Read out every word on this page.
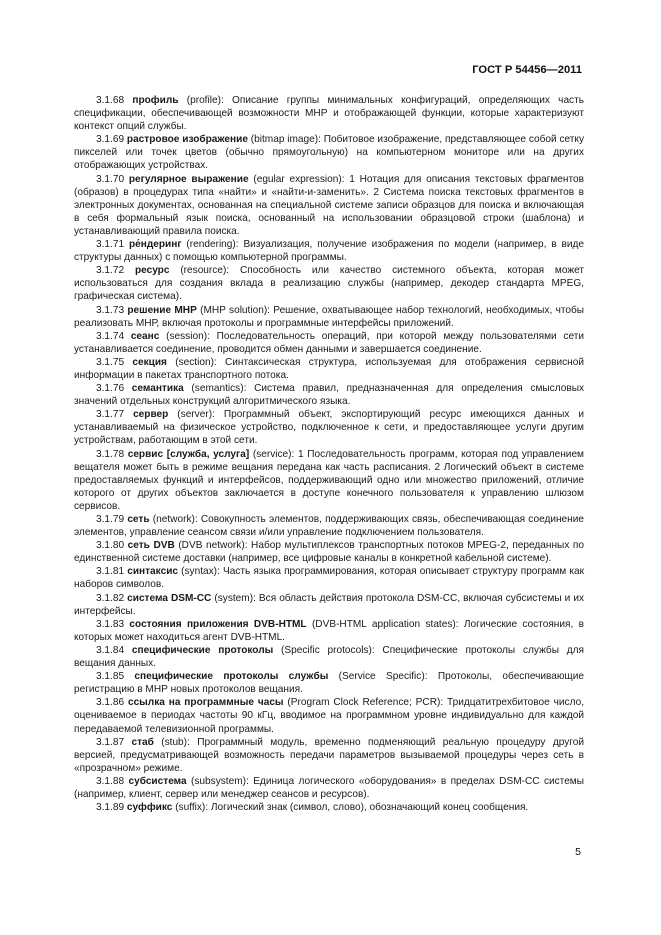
ГОСТ Р 54456—2011

3.1.68 профиль (profile): Описание группы минимальных конфигураций, определяющих часть спецификации, обеспечивающей возможности МНР и отображающей функции, которые характеризуют контекст опций службы.

3.1.69 растровое изображение (bitmap image): Побитовое изображение, представляющее собой сетку пикселей или точек цветов (обычно прямоугольную) на компьютерном мониторе или на других отображающих устройствах.

3.1.70 регулярное выражение (egular expression): 1 Нотация для описания текстовых фрагментов (образов) в процедурах типа «найти» и «найти-и-заменить». 2 Система поиска текстовых фрагментов в электронных документах, основанная на специальной системе записи образцов для поиска и включающая в себя формальный язык поиска, основанный на использовании образцовой строки (шаблона) и устанавливающий правила поиска.

3.1.71 ре́ндеринг (rendering): Визуализация, получение изображения по модели (например, в виде структуры данных) с помощью компьютерной программы.

3.1.72 ресурс (resource): Способность или качество системного объекта, которая может использоваться для создания вклада в реализацию службы (например, декодер стандарта MPEG, графическая система).

3.1.73 решение МНР (MHP solution): Решение, охватывающее набор технологий, необходимых, чтобы реализовать МНР, включая протоколы и программные интерфейсы приложений.

3.1.74 сеанс (session): Последовательность операций, при которой между пользователями сети устанавливается соединение, проводится обмен данными и завершается соединение.

3.1.75 секция (section): Синтаксическая структура, используемая для отображения сервисной информации в пакетах транспортного потока.

3.1.76 семантика (semantics): Система правил, предназначенная для определения смысловых значений отдельных конструкций алгоритмического языка.

3.1.77 сервер (server): Программный объект, экспортирующий ресурс имеющихся данных и устанавливаемый на физическое устройство, подключенное к сети, и предоставляющее услуги другим устройствам, работающим в этой сети.

3.1.78 сервис [служба, услуга] (service): 1 Последовательность программ, которая под управлением вещателя может быть в режиме вещания передана как часть расписания. 2 Логический объект в системе предоставляемых функций и интерфейсов, поддерживающий одно или множество приложений, отличие которого от других объектов заключается в доступе конечного пользователя к управлению шлюзом сервисов.

3.1.79 сеть (network): Совокупность элементов, поддерживающих связь, обеспечивающая соединение элементов, управление сеансом связи и/или управление подключением пользователя.

3.1.80 сеть DVB (DVB network): Набор мультиплексов транспортных потоков MPEG-2, переданных по единственной системе доставки (например, все цифровые каналы в конкретной кабельной системе).

3.1.81 синтаксис (syntax): Часть языка программирования, которая описывает структуру программ как наборов символов.

3.1.82 система DSM-CC (system): Вся область действия протокола DSM-CC, включая субсистемы и их интерфейсы.

3.1.83 состояния приложения DVB-HTML (DVB-HTML application states): Логические состояния, в которых может находиться агент DVB-HTML.

3.1.84 специфические протоколы (Specific protocols): Специфические протоколы службы для вещания данных.

3.1.85 специфические протоколы службы (Service Specific): Протоколы, обеспечивающие регистрацию в МНР новых протоколов вещания.

3.1.86 ссылка на программные часы (Program Clock Reference; PCR): Тридцатитрехбитовое число, оцениваемое в периодах частоты 90 кГц, вводимое на программном уровне индивидуально для каждой передаваемой телевизионной программы.

3.1.87 стаб (stub): Программный модуль, временно подменяющий реальную процедуру другой версией, предусматривающей возможность передачи параметров вызываемой процедуры через сеть в «прозрачном» режиме.

3.1.88 субсистема (subsystem): Единица логического «оборудования» в пределах DSM-CC системы (например, клиент, сервер или менеджер сеансов и ресурсов).

3.1.89 суффикс (suffix): Логический знак (символ, слово), обозначающий конец сообщения.

5
